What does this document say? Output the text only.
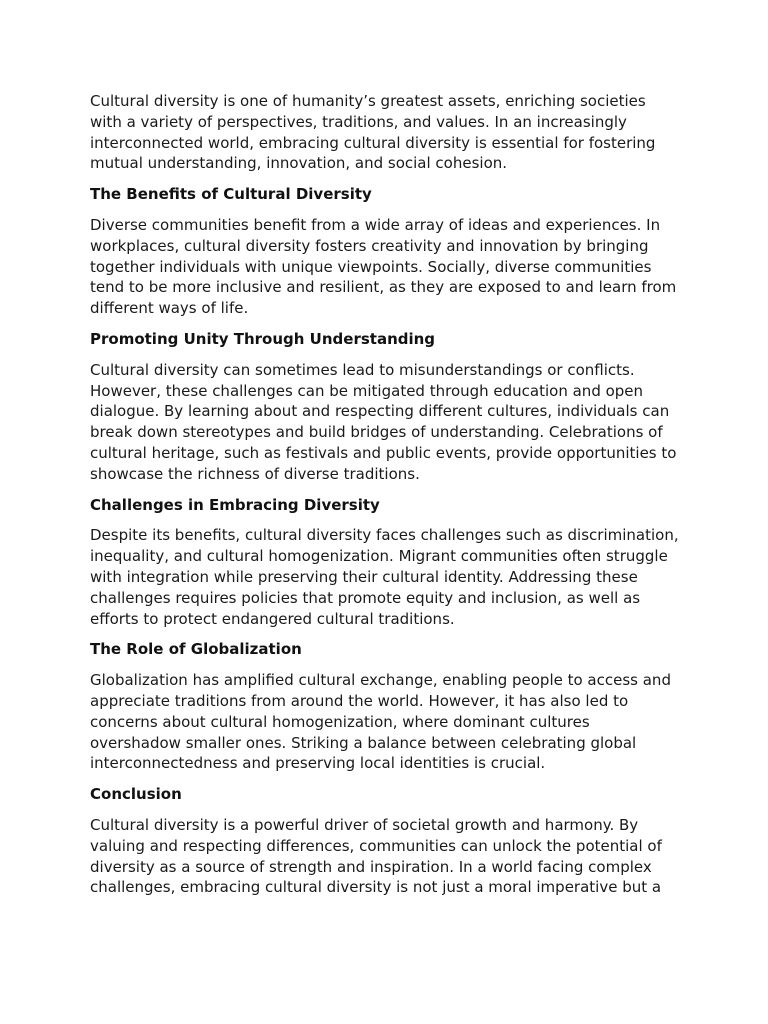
Cultural diversity is one of humanity’s greatest assets, enriching societies with a variety of perspectives, traditions, and values. In an increasingly interconnected world, embracing cultural diversity is essential for fostering mutual understanding, innovation, and social cohesion.

The Benefits of Cultural Diversity

Diverse communities benefit from a wide array of ideas and experiences. In workplaces, cultural diversity fosters creativity and innovation by bringing together individuals with unique viewpoints. Socially, diverse communities tend to be more inclusive and resilient, as they are exposed to and learn from different ways of life.

Promoting Unity Through Understanding

Cultural diversity can sometimes lead to misunderstandings or conflicts. However, these challenges can be mitigated through education and open dialogue. By learning about and respecting different cultures, individuals can break down stereotypes and build bridges of understanding. Celebrations of cultural heritage, such as festivals and public events, provide opportunities to showcase the richness of diverse traditions.

Challenges in Embracing Diversity

Despite its benefits, cultural diversity faces challenges such as discrimination, inequality, and cultural homogenization. Migrant communities often struggle with integration while preserving their cultural identity. Addressing these challenges requires policies that promote equity and inclusion, as well as efforts to protect endangered cultural traditions.

The Role of Globalization

Globalization has amplified cultural exchange, enabling people to access and appreciate traditions from around the world. However, it has also led to concerns about cultural homogenization, where dominant cultures overshadow smaller ones. Striking a balance between celebrating global interconnectedness and preserving local identities is crucial.

Conclusion

Cultural diversity is a powerful driver of societal growth and harmony. By valuing and respecting differences, communities can unlock the potential of diversity as a source of strength and inspiration. In a world facing complex challenges, embracing cultural diversity is not just a moral imperative but a
